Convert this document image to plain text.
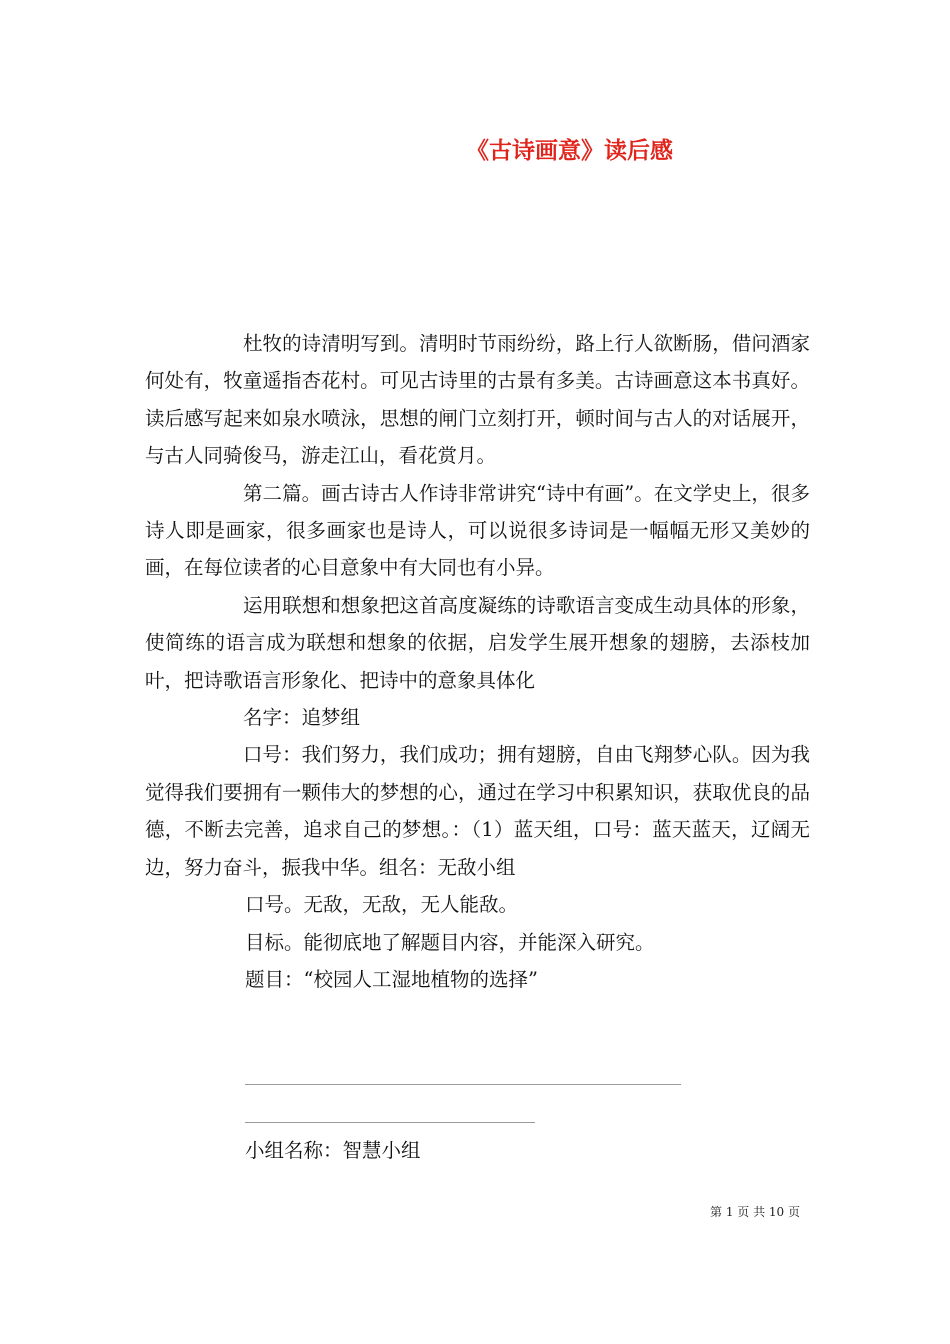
《古诗画意》读后感

杜牧的诗清明写到。清明时节雨纷纷，路上行人欲断肠，借问酒家何处有，牧童遥指杏花村。可见古诗里的古景有多美。古诗画意这本书真好。读后感写起来如泉水喷泳，思想的闸门立刻打开，顿时间与古人的对话展开，与古人同骑俊马，游走江山，看花赏月。

第二篇。画古诗古人作诗非常讲究“诗中有画”。在文学史上，很多诗人即是画家，很多画家也是诗人，可以说很多诗词是一幅幅无形又美妙的画，在每位读者的心目意象中有大同也有小异。

运用联想和想象把这首高度凝练的诗歌语言变成生动具体的形象，使简练的语言成为联想和想象的依据，启发学生展开想象的翅膀，去添枝加叶，把诗歌语言形象化、把诗中的意象具体化

名字：追梦组

口号：我们努力，我们成功；拥有翅膀，自由飞翔梦心队。因为我觉得我们要拥有一颗伟大的梦想的心，通过在学习中积累知识，获取优良的品德，不断去完善，追求自己的梦想。：（1）蓝天组，口号：蓝天蓝天，辽阔无边，努力奋斗，振我中华。组名：无敌小组

口号。无敌，无敌，无人能敌。

目标。能彻底地了解题目内容，并能深入研究。

题目：“校园人工湿地植物的选择”

小组名称：智慧小组

第 1 页 共 10 页
